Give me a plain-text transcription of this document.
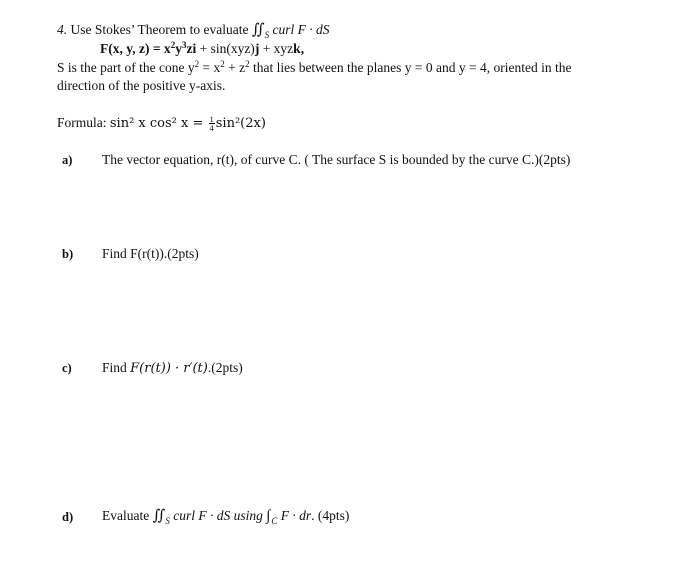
4. Use Stokes’ Theorem to evaluate ∬ $_S$ curl F · dS
F(x, y, $z) = x^2y^3zi + \sin(xyz)j$ + xyzk,
S is the part of the cone $y^2 = x^2 + z^2$ that lies between the planes y = 0 and y = 4, oriented in the
direction of the positive y-axis.
Formula: sin² x cos² $x = \frac{1}{4} \sin^2(2x)$
a) The vector equation, r(t), of curve C. ( The surface S is bounded by the curve C.)(2pts)
b) Find F(r(t)).(2pts)
c) Find F(r(t)) · r′(t).(2pts)
d) Evaluate ∬ $_S$ curl F · dS using $\int_C$ F · dr. (4pts)
